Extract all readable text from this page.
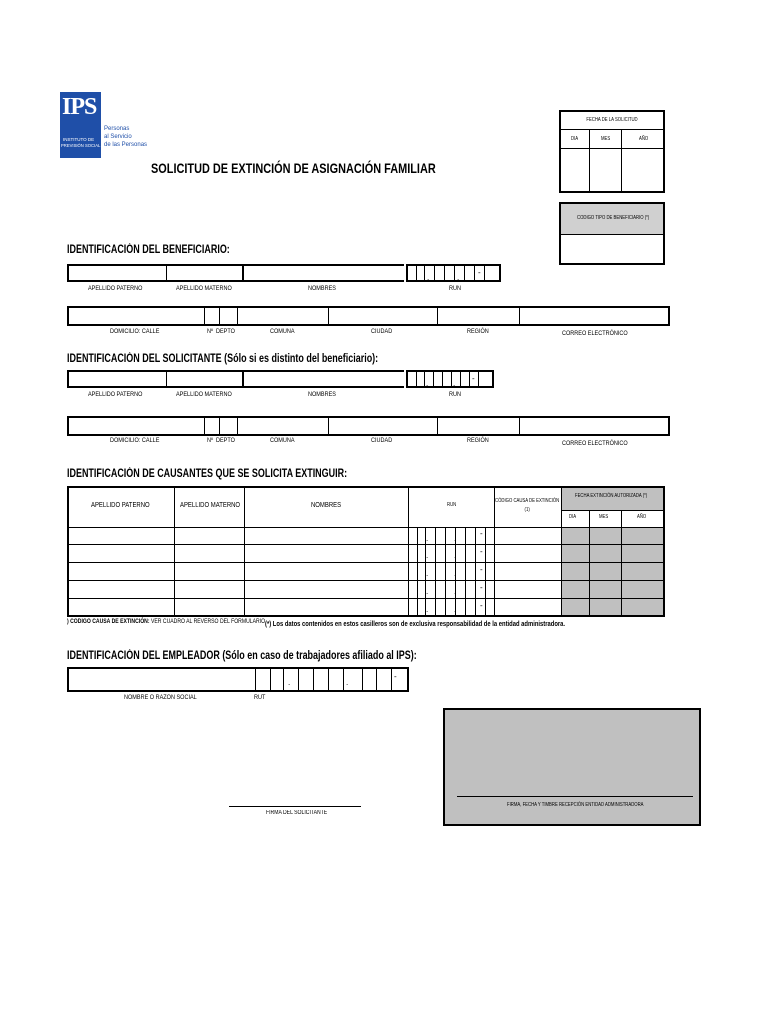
IPS
INSTITUTO DE
PREVISIÓN SOCIAL
Personas
al Servicio
de las Personas
SOLICITUD DE EXTINCIÓN DE ASIGNACIÓN FAMILIAR
FECHA DE LA SOLICITUD
DIA	MES	AÑO
CODIGO TIPO DE BENEFICIARIO (*)
IDENTIFICACIÓN DEL BENEFICIARIO:
.	.
-
APELLIDO PATERNO	APELLIDO MATERNO	NOMBRES	RUN
DOMICILIO: CALLE	Nº DEPTO	COMUNA	CIUDAD	REGIÓN	CORREO ELECTRÓNICO
IDENTIFICACIÓN DEL SOLICITANTE (Sólo si es distinto del beneficiario):
.	.
-
APELLIDO PATERNO	APELLIDO MATERNO	NOMBRES	RUN
DOMICILIO: CALLE	Nº DEPTO	COMUNA	CIUDAD	REGIÓN	CORREO ELECTRÓNICO
IDENTIFICACIÓN DE CAUSANTES QUE SE SOLICITA EXTINGUIR:
APELLIDO PATERNO	APELLIDO MATERNO	NOMBRES	RUN
CÓDIGO CAUSA DE EXTINCIÓN (1)
FECHA EXTINCIÓN AUTORIZADA (*)
DIA	MES	AÑO
.	.
-
.	.	-
.	.	-
.	.	-
.	.	-
) CODIGO CAUSA DE EXTINCIÓN: VER CUADRO AL REVERSO DEL FORMULARIO (*) Los datos contenidos en estos casilleros son de exclusiva responsabilidad de la entidad administradora.
IDENTIFICACIÓN DEL EMPLEADOR (Sólo en caso de trabajadores afiliado al IPS):
.	.
-
NOMBRE O RAZON SOCIAL	RUT
FIRMA DEL SOLICITANTE
FIRMA, FECHA Y TIMBRE RECEPCIÓN ENTIDAD ADMINISTRADORA
